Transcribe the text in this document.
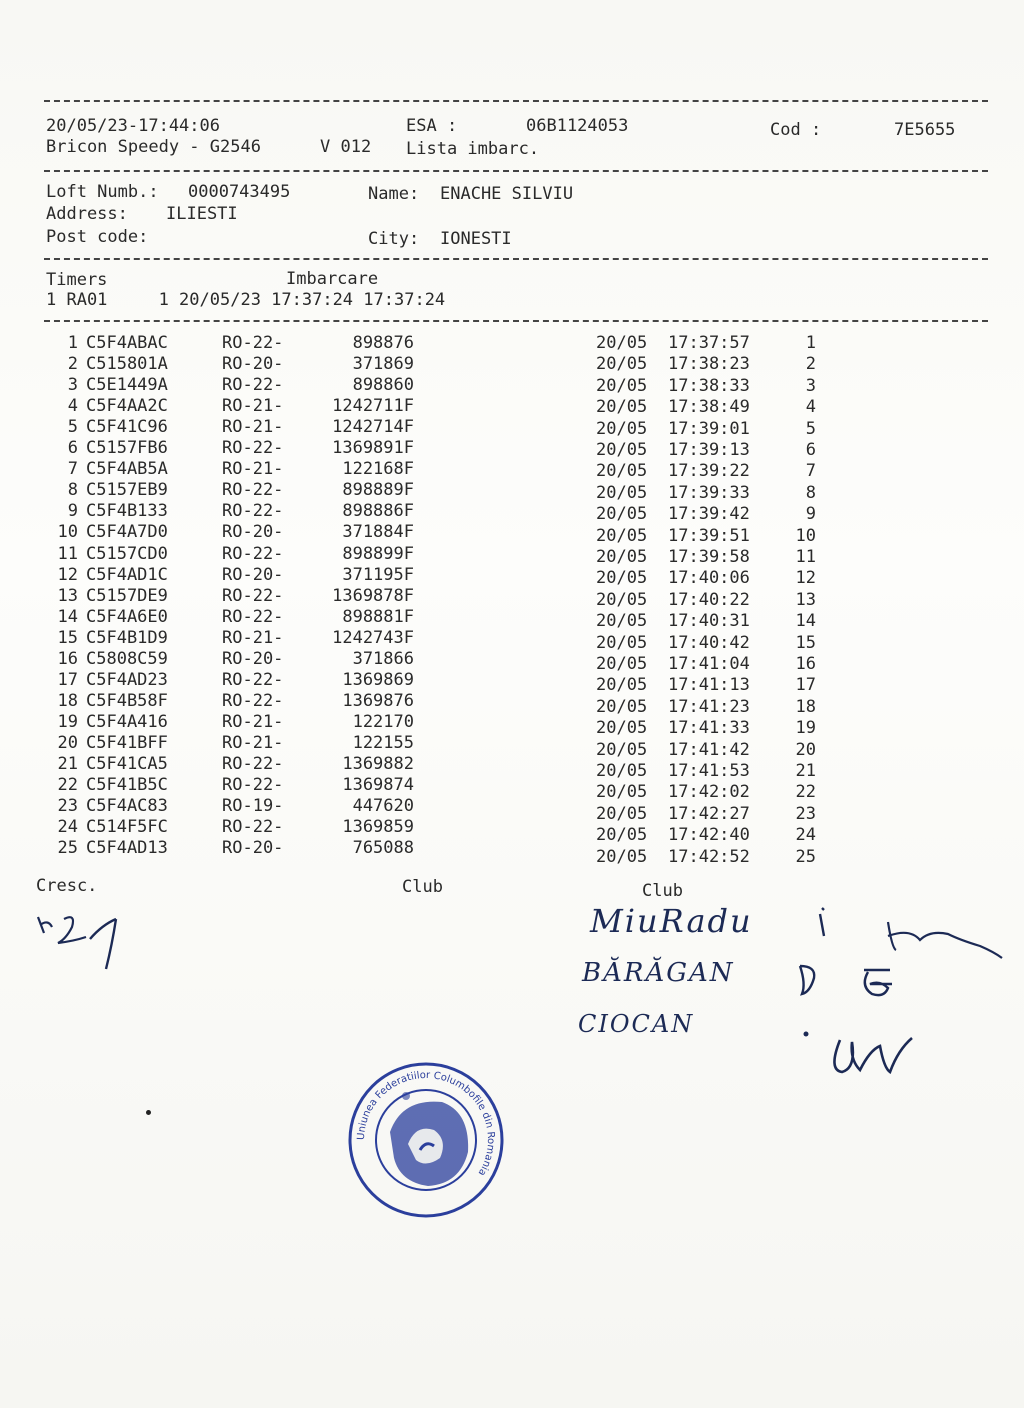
20/05/23-17:44:06	ESA :	06B1124053	Cod :	7E5655
Bricon Speedy - G2546	V 012 Lista imbarc.
Loft Numb.: 0000743495	Name: ENACHE SILVIU
Address: ILIESTI
Post code:	City: IONESTI
Timers	Imbarcare
1 RA01     1 20/05/23 17:37:24 17:37:24
1 C5F4ABAC	RO-22-	898876	20/05 17:37:57	1
2 C515801A	RO-20-	371869	20/05 17:38:23	2
3 C5E1449A	RO-22-	898860	20/05 17:38:33	3
4 C5F4AA2C	RO-21-	1242711F	20/05 17:38:49	4
5 C5F41C96	RO-21-	1242714F	20/05 17:39:01	5
6 C5157FB6	RO-22-	1369891F	20/05 17:39:13	6
7 C5F4AB5A	RO-21-	122168F	20/05 17:39:22	7
8 C5157EB9	RO-22-	898889F	20/05 17:39:33	8
9 C5F4B133	RO-22-	898886F	20/05 17:39:42	9
10 C5F4A7D0	RO-20-	371884F	20/05 17:39:51	10
11 C5157CD0	RO-22-	898899F	20/05 17:39:58	11
12 C5F4AD1C	RO-20-	371195F	20/05 17:40:06	12
13 C5157DE9	RO-22-	1369878F	20/05 17:40:22	13
14 C5F4A6E0	RO-22-	898881F	20/05 17:40:31	14
15 C5F4B1D9	RO-21-	1242743F	20/05 17:40:42	15
16 C5808C59	RO-20-	371866	20/05 17:41:04	16
17 C5F4AD23	RO-22-	1369869	20/05 17:41:13	17
18 C5F4B58F	RO-22-	1369876	20/05 17:41:23	18
19 C5F4A416	RO-21-	122170	20/05 17:41:33	19
20 C5F41BFF	RO-21-	122155	20/05 17:41:42	20
21 C5F41CA5	RO-22-	1369882	20/05 17:41:53	21
22 C5F41B5C	RO-22-	1369874	20/05 17:42:02	22
23 C5F4AC83	RO-19-	447620	20/05 17:42:27	23
24 C514F5FC	RO-22-	1369859	20/05 17:42:40	24
25 C5F4AD13	RO-20-	765088	20/05 17:42:52	25
Cresc.	Club	Club
MiuRadu
BĂRĂGAN
CIOCAN
Uniunea Federatiilor Columbofile din Romania
